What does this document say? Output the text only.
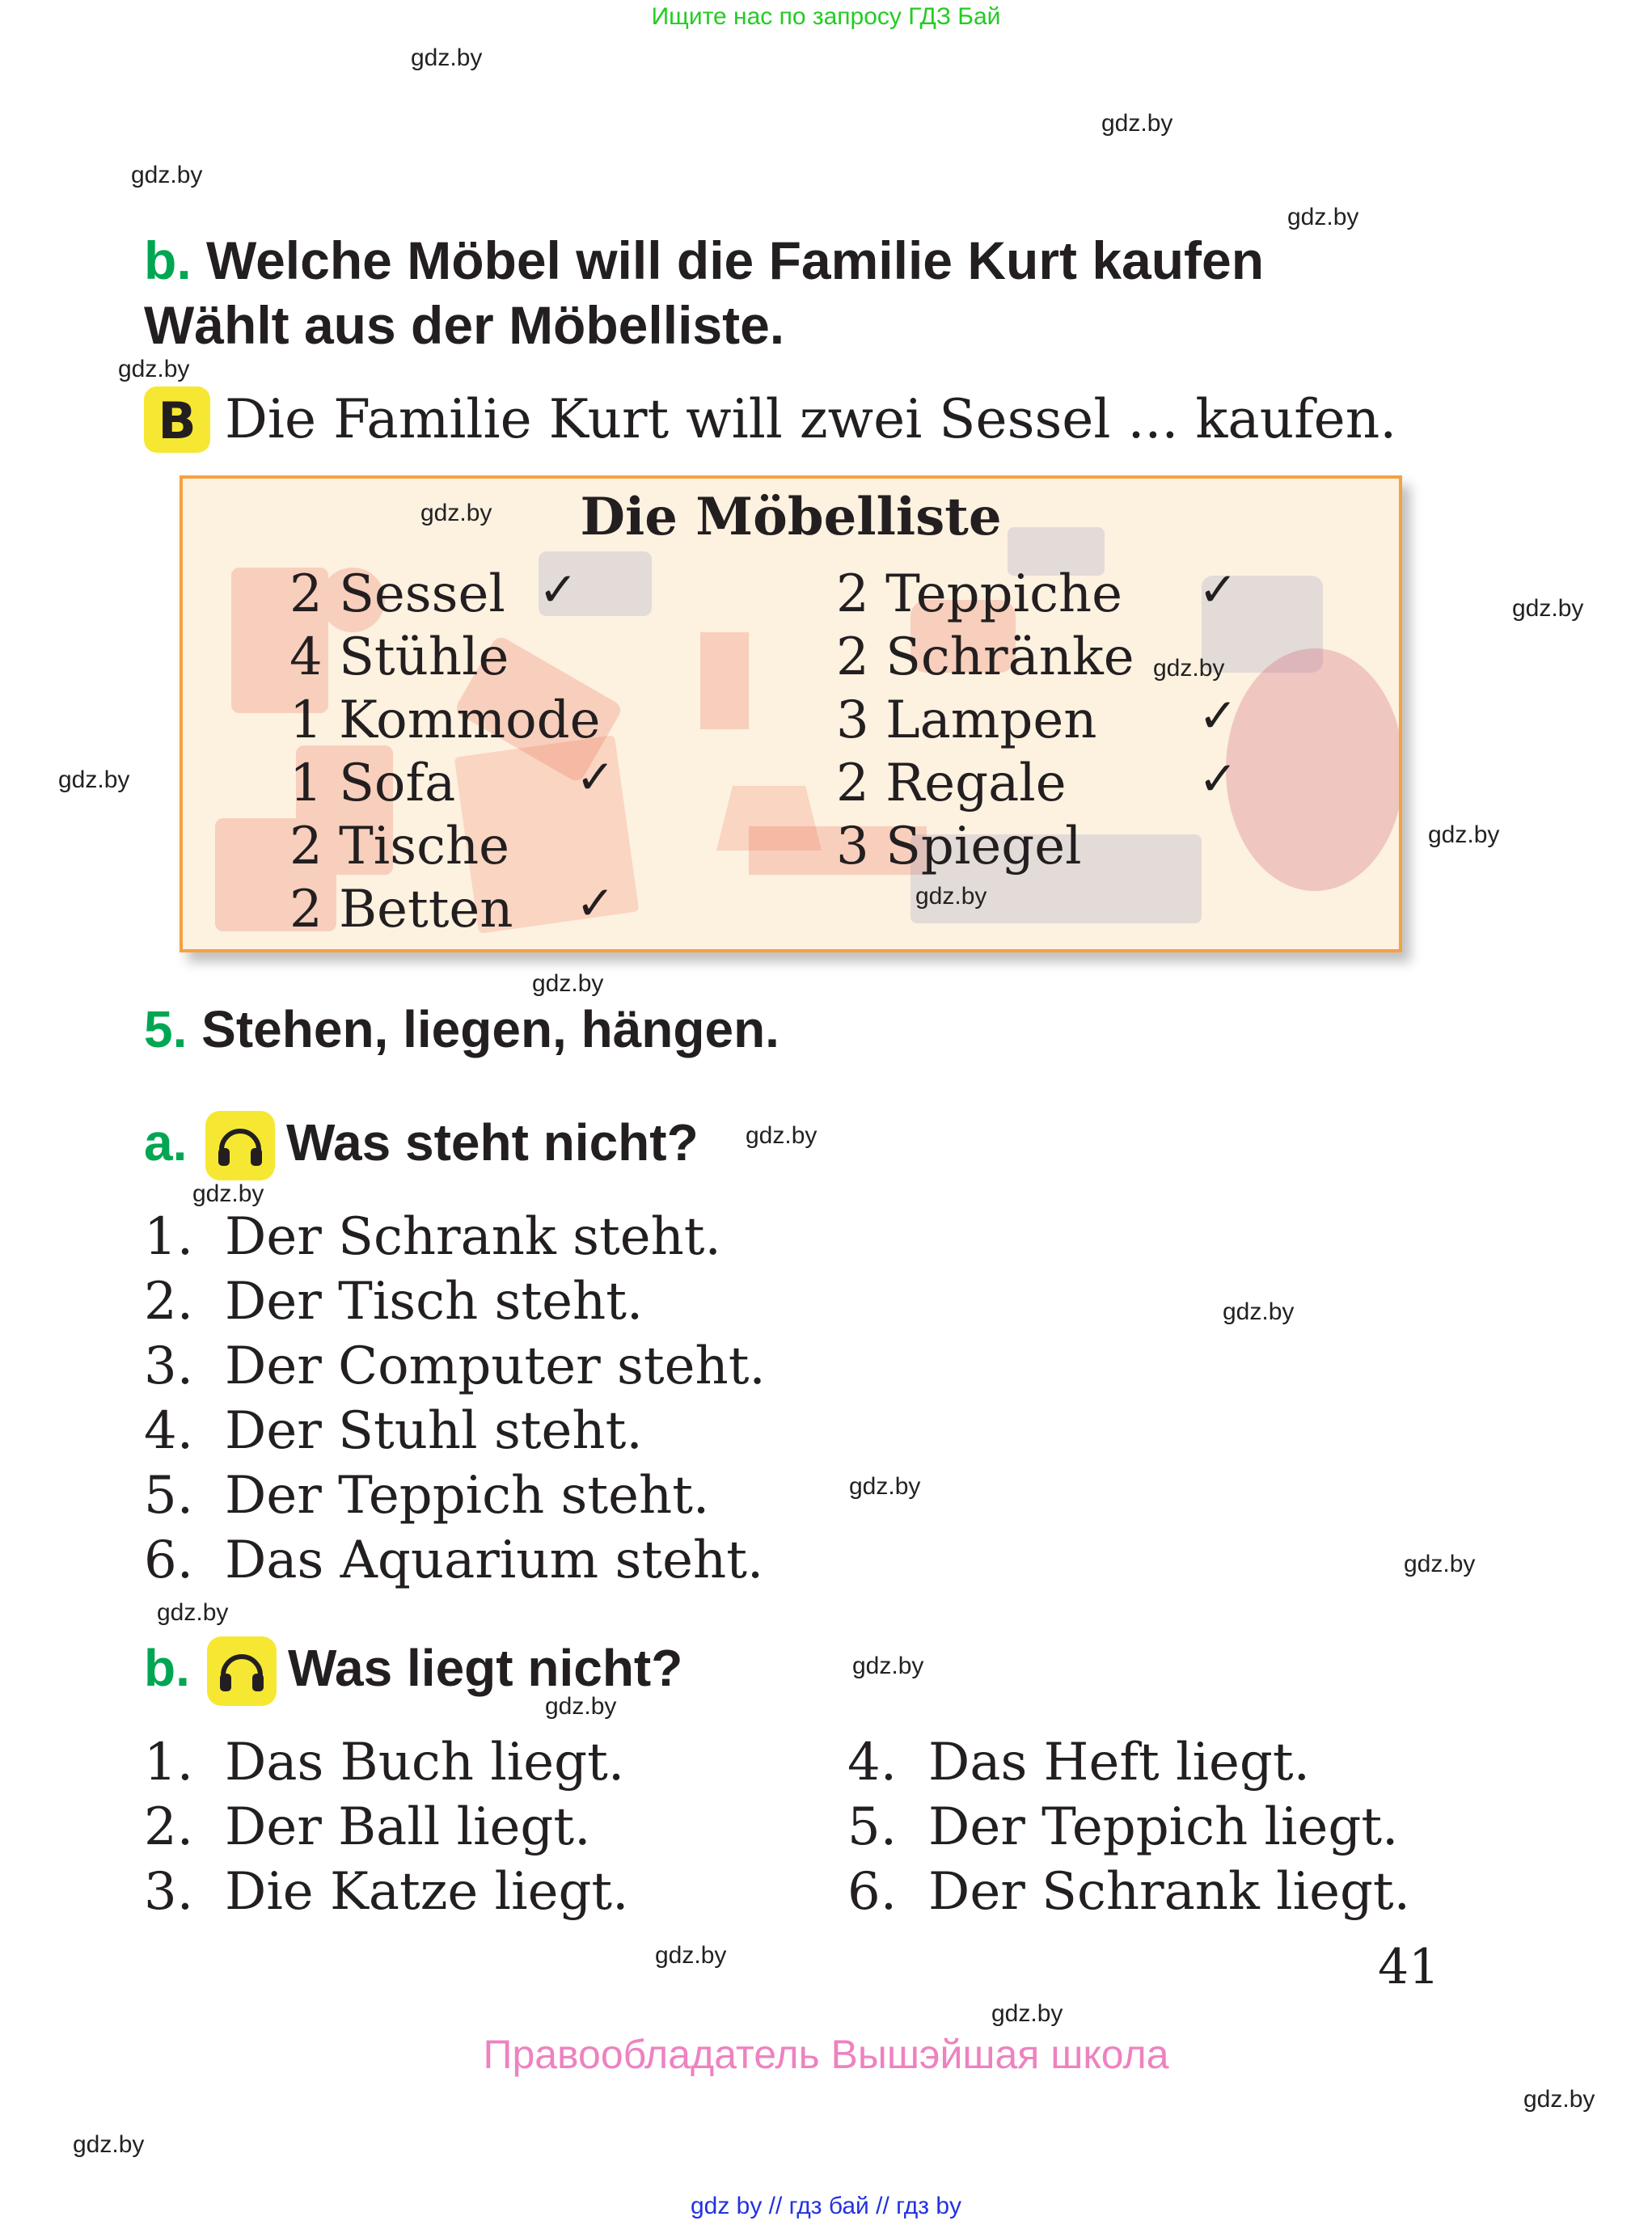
Ищите нас по запросу ГДЗ Бай
gdz.by
gdz.by
gdz.by
gdz.by
gdz.by
gdz.by
gdz.by
gdz.by
gdz.by
gdz.by
gdz.by
gdz.by
gdz.by
gdz.by
gdz.by
gdz.by
gdz.by
gdz.by
gdz.by
gdz.by
gdz.by
b. Welche Möbel will die Familie Kurt kaufen
Wählt aus der Möbelliste.
B Die Familie Kurt will zwei Sessel ... kaufen.
Die Möbelliste
2 Sessel ✓
4 Stühle
1 Kommode
1 Sofa	✓
2 Tische
2 Betten ✓
2 Teppiche ✓
2 Schränke
3 Lampen ✓
2 Regale	✓
3 Spiegel
gdz.by
gdz.by
gdz.by
5. Stehen, liegen, hängen.
a. Was steht nicht?
1. Der Schrank steht.
2. Der Tisch steht.
3. Der Computer steht.
4. Der Stuhl steht.
5. Der Teppich steht.
6. Das Aquarium steht.
b. Was liegt nicht?
1. Das Buch liegt.
2. Der Ball liegt.
3. Die Katze liegt.
4. Das Heft liegt.
5. Der Teppich liegt.
6. Der Schrank liegt.
41
Правообладатель Вышэйшая школа
gdz by // гдз бай // гдз by
